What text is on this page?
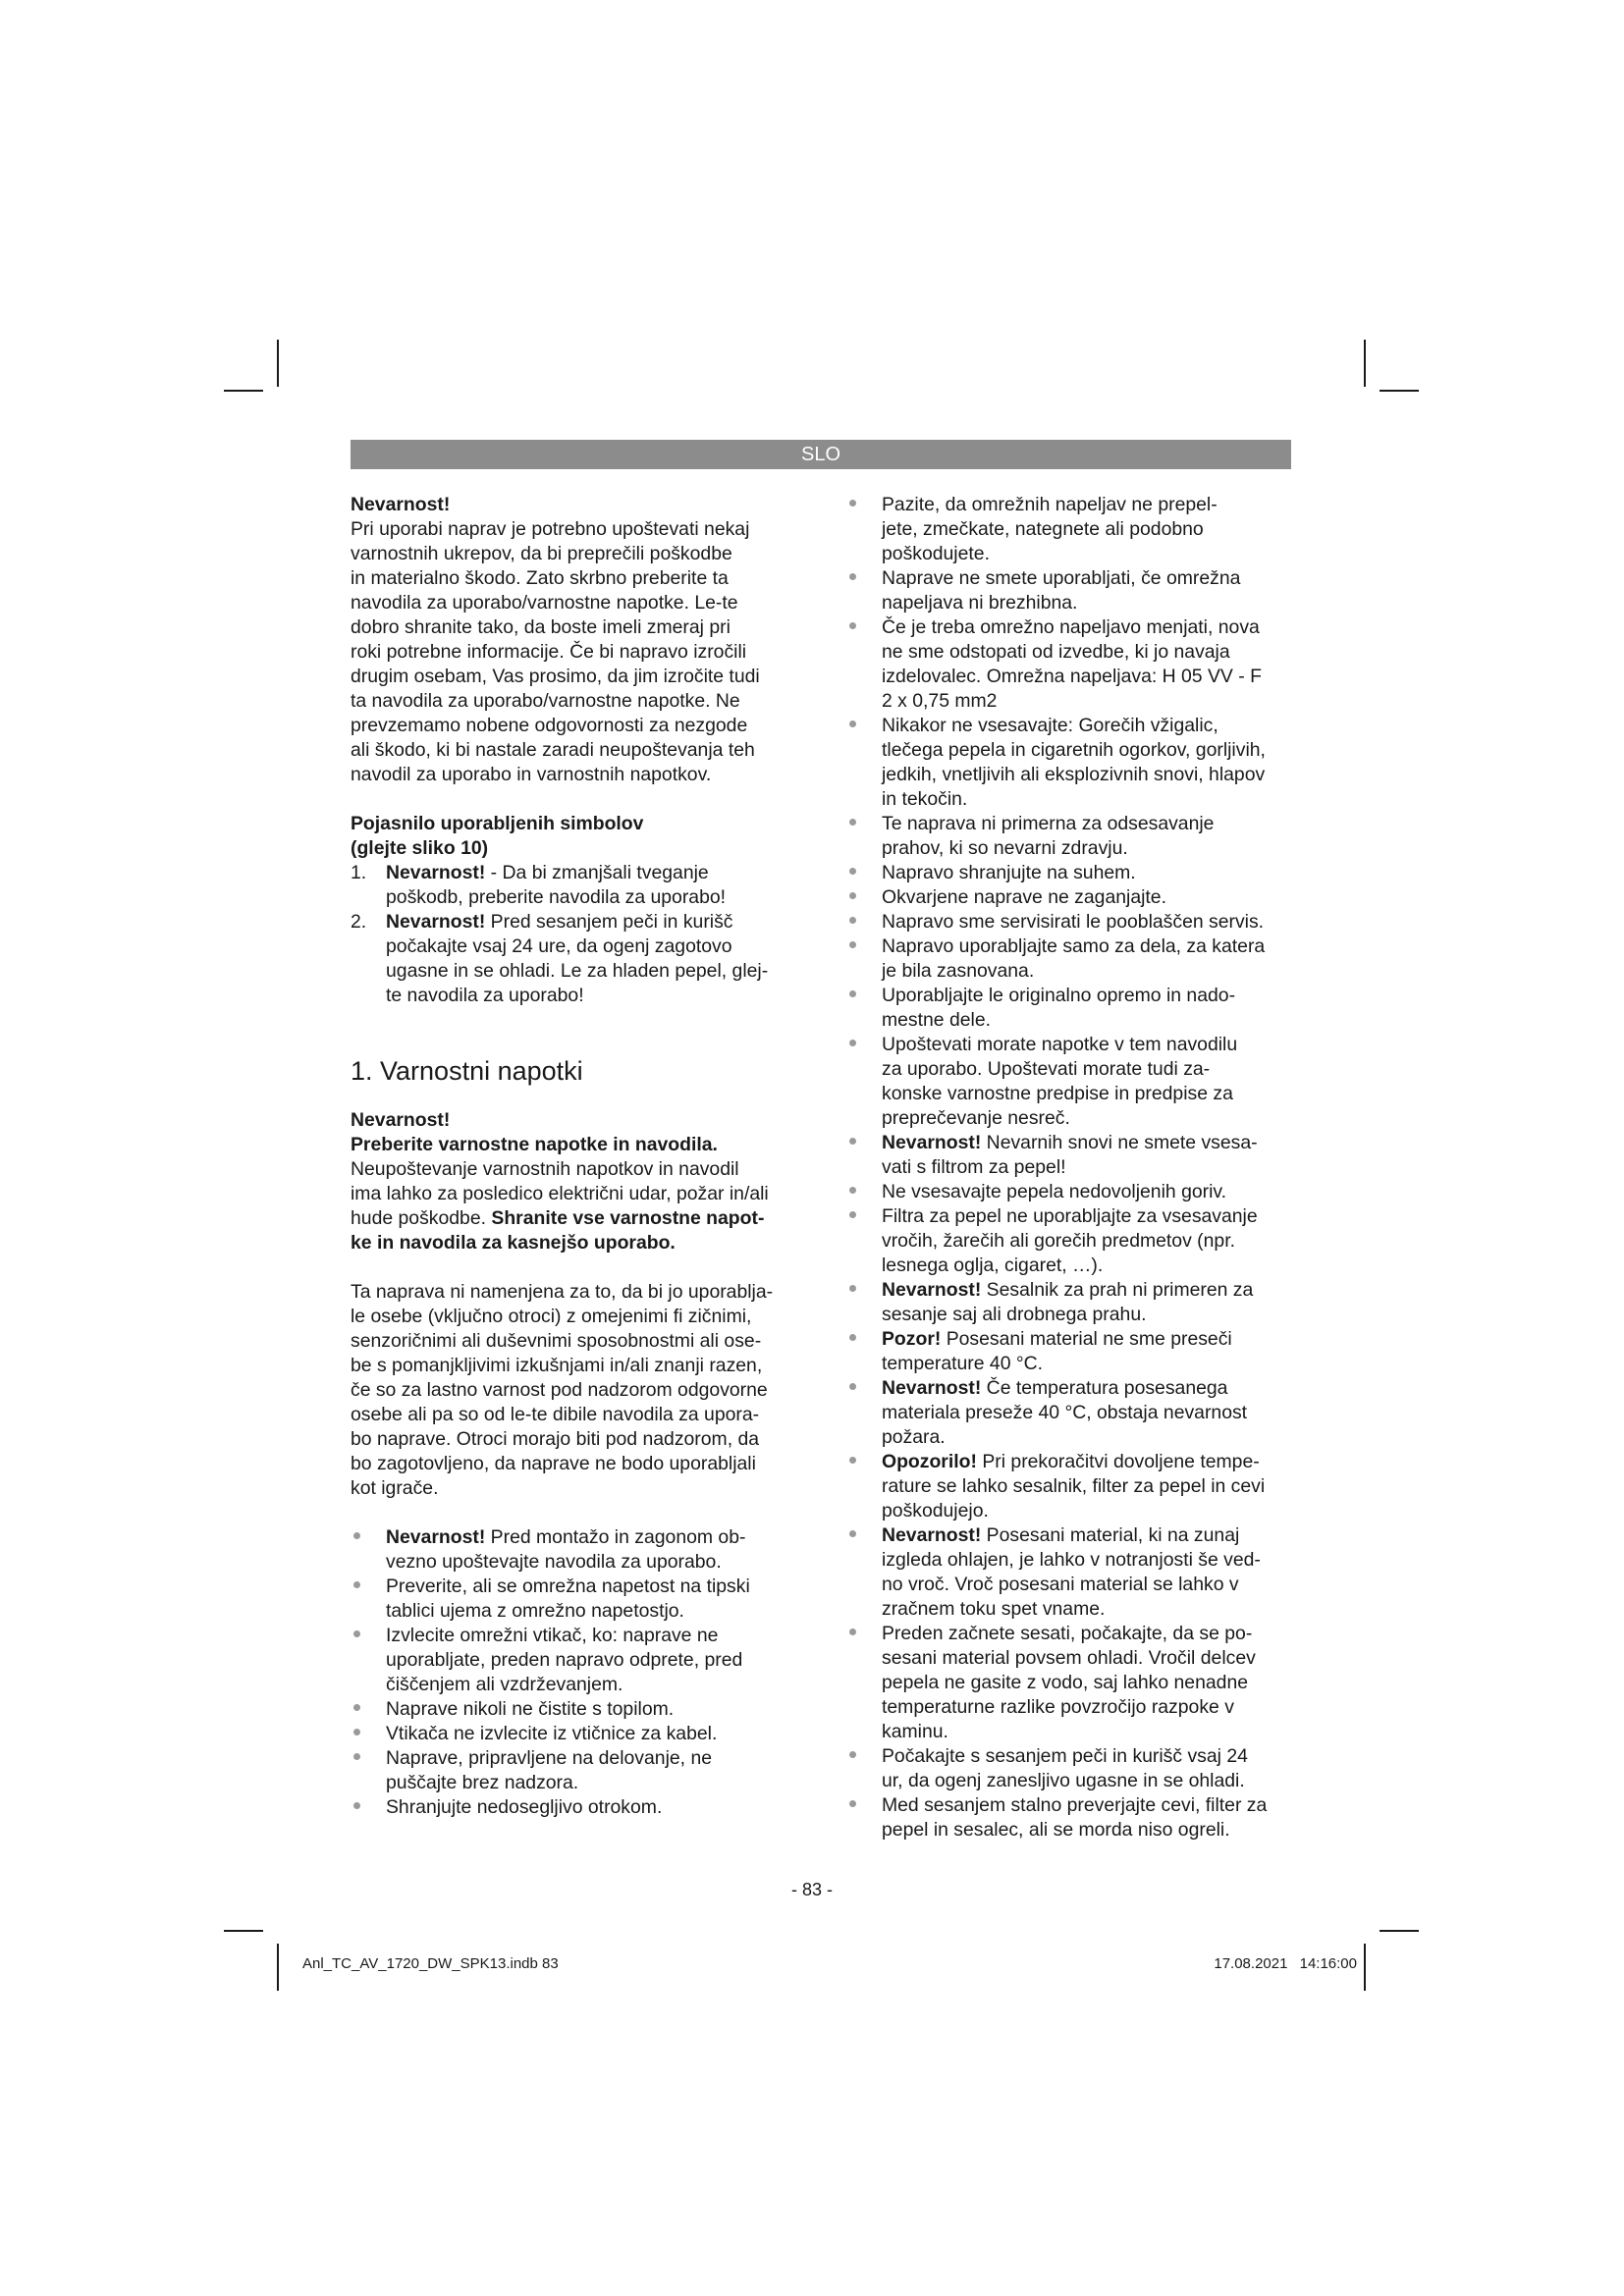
SLO

Nevarnost!

Pri uporabi naprav je potrebno upoštevati nekaj

varnostnih ukrepov, da bi preprečili poškodbe

in materialno škodo. Zato skrbno preberite ta

navodila za uporabo/varnostne napotke. Le-te

dobro shranite tako, da boste imeli zmeraj pri

roki potrebne informacije. Če bi napravo izročili

drugim osebam, Vas prosimo, da jim izročite tudi

ta navodila za uporabo/varnostne napotke. Ne

prevzemamo nobene odgovornosti za nezgode

ali škodo, ki bi nastale zaradi neupoštevanja teh

navodil za uporabo in varnostnih napotkov.

Pojasnilo uporabljenih simbolov

(glejte sliko 10)

1. Nevarnost! - Da bi zmanjšali tveganje
poškodb, preberite navodila za uporabo!
2. Nevarnost! Pred sesanjem peči in kurišč
počakajte vsaj 24 ure, da ogenj zagotovo
ugasne in se ohladi. Le za hladen pepel, glej-
te navodila za uporabo!
1. Varnostni napotki

Nevarnost!

Preberite varnostne napotke in navodila.

Neupoštevanje varnostnih napotkov in navodil

ima lahko za posledico električni udar, požar in/ali

hude poškodbe. Shranite vse varnostne napot-

ke in navodila za kasnejšo uporabo.

Ta naprava ni namenjena za to, da bi jo uporablja-

le osebe (vključno otroci) z omejenimi fi zičnimi,

senzoričnimi ali duševnimi sposobnostmi ali ose-

be s pomanjkljivimi izkušnjami in/ali znanji razen,

če so za lastno varnost pod nadzorom odgovorne

osebe ali pa so od le-te dibile navodila za upora-

bo naprave. Otroci morajo biti pod nadzorom, da

bo zagotovljeno, da naprave ne bodo uporabljali

kot igrače.

Nevarnost! Pred montažo in zagonom ob-
vezno upoštevajte navodila za uporabo.
Preverite, ali se omrežna napetost na tipski
tablici ujema z omrežno napetostjo.
Izvlecite omrežni vtikač, ko: naprave ne
uporabljate, preden napravo odprete, pred
čiščenjem ali vzdrževanjem.
Naprave nikoli ne čistite s topilom.
Vtikača ne izvlecite iz vtičnice za kabel.
Naprave, pripravljene na delovanje, ne
puščajte brez nadzora.
Shranjujte nedosegljivo otrokom.
Pazite, da omrežnih napeljav ne prepel-
jete, zmečkate, nategnete ali podobno
poškodujete.
Naprave ne smete uporabljati, če omrežna
napeljava ni brezhibna.
Če je treba omrežno napeljavo menjati, nova
ne sme odstopati od izvedbe, ki jo navaja
izdelovalec. Omrežna napeljava: H 05 VV - F
2 x 0,75 mm2
Nikakor ne vsesavajte: Gorečih vžigalic,
tlečega pepela in cigaretnih ogorkov, gorljivih,
jedkih, vnetljivih ali eksplozivnih snovi, hlapov
in tekočin.
Te naprava ni primerna za odsesavanje
prahov, ki so nevarni zdravju.
Napravo shranjujte na suhem.
Okvarjene naprave ne zaganjajte.
Napravo sme servisirati le pooblaščen servis.
Napravo uporabljajte samo za dela, za katera
je bila zasnovana.
Uporabljajte le originalno opremo in nado-
mestne dele.
Upoštevati morate napotke v tem navodilu
za uporabo. Upoštevati morate tudi za-
konske varnostne predpise in predpise za
preprečevanje nesreč.
Nevarnost! Nevarnih snovi ne smete vsesa-
vati s filtrom za pepel!
Ne vsesavajte pepela nedovoljenih goriv.
Filtra za pepel ne uporabljajte za vsesavanje
vročih, žarečih ali gorečih predmetov (npr.
lesnega oglja, cigaret, …).
Nevarnost! Sesalnik za prah ni primeren za
sesanje saj ali drobnega prahu.
Pozor! Posesani material ne sme preseči
temperature 40 °C.
Nevarnost! Če temperatura posesanega
materiala preseže 40 °C, obstaja nevarnost
požara.
Opozorilo! Pri prekoračitvi dovoljene tempe-
rature se lahko sesalnik, filter za pepel in cevi
poškodujejo.
Nevarnost! Posesani material, ki na zunaj
izgleda ohlajen, je lahko v notranjosti še ved-
no vroč. Vroč posesani material se lahko v
zračnem toku spet vname.
Preden začnete sesati, počakajte, da se po-
sesani material povsem ohladi. Vročil delcev
pepela ne gasite z vodo, saj lahko nenadne
temperaturne razlike povzročijo razpoke v
kaminu.
Počakajte s sesanjem peči in kurišč vsaj 24
ur, da ogenj zanesljivo ugasne in se ohladi.
Med sesanjem stalno preverjajte cevi, filter za
pepel in sesalec, ali se morda niso ogreli.
- 83 -
Anl_TC_AV_1720_DW_SPK13.indb 83	17.08.2021 14:16:00
